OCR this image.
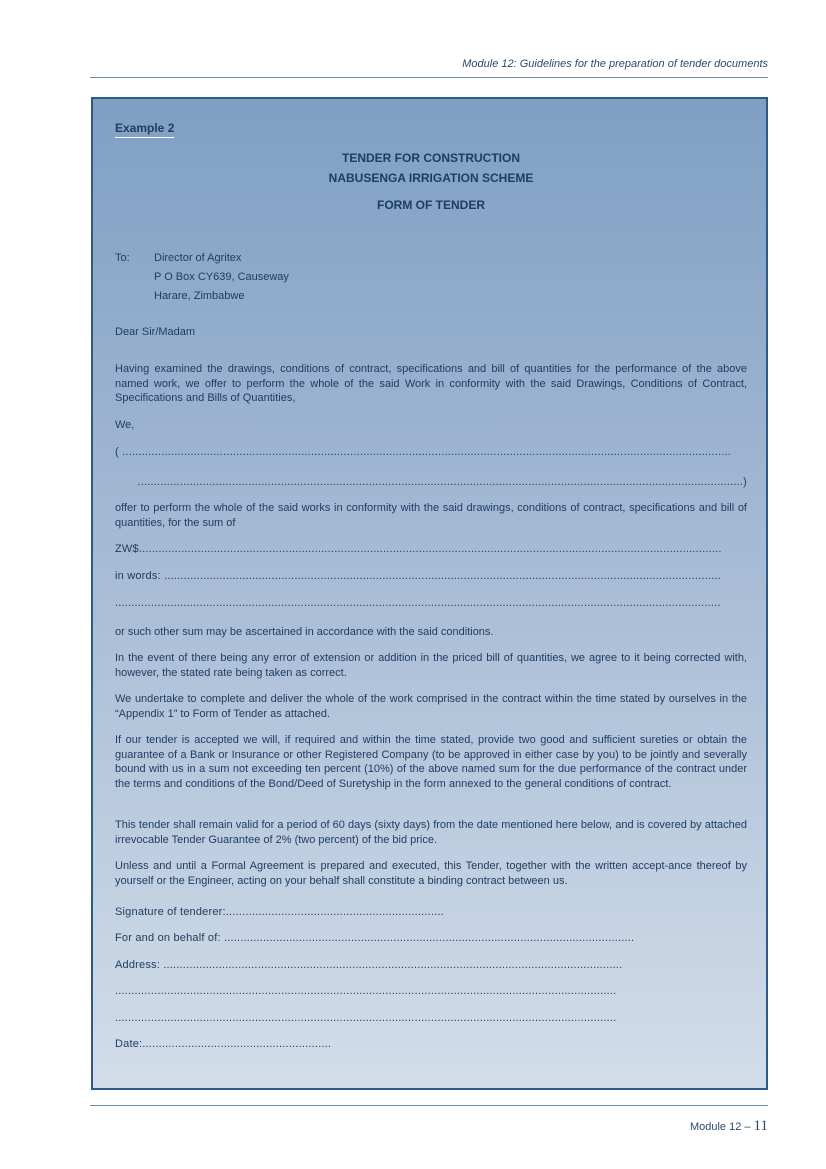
Module 12: Guidelines for the preparation of tender documents
Example 2
TENDER FOR CONSTRUCTION
NABUSENGA IRRIGATION SCHEME
FORM OF TENDER
To: Director of Agritex
P O Box CY639, Causeway
Harare, Zimbabwe
Dear Sir/Madam
Having examined the drawings, conditions of contract, specifications and bill of quantities for the performance of the above named work, we offer to perform the whole of the said Work in conformity with the said Drawings, Conditions of Contract, Specifications and Bills of Quantities,
We,
( ...........................................................................................................................................................................................
..........................................................................................................................................................................................)
offer to perform the whole of the said works in conformity with the said drawings, conditions of contract, specifications and bill of quantities, for the sum of
ZW$...................................................................................................................................................................................
in words: ...........................................................................................................................................................................
..........................................................................................................................................................................................
or such other sum may be ascertained in accordance with the said conditions.
In the event of there being any error of extension or addition in the priced bill of quantities, we agree to it being corrected with, however, the stated rate being taken as correct.
We undertake to complete and deliver the whole of the work comprised in the contract within the time stated by ourselves in the “Appendix 1” to Form of Tender as attached.
If our tender is accepted we will, if required and within the time stated, provide two good and sufficient sureties or obtain the guarantee of a Bank or Insurance or other Registered Company (to be approved in either case by you) to be jointly and severally bound with us in a sum not exceeding ten percent (10%) of the above named sum for the due performance of the contract under the terms and conditions of the Bond/Deed of Suretyship in the form annexed to the general conditions of contract.
This tender shall remain valid for a period of 60 days (sixty days) from the date mentioned here below, and is covered by attached irrevocable Tender Guarantee of 2% (two percent) of the bid price.
Unless and until a Formal Agreement is prepared and executed, this Tender, together with the written accept-ance thereof by yourself or the Engineer, acting on your behalf shall constitute a binding contract between us.
Signature of tenderer:...................................................................
For and on behalf of: ..............................................................................................................................
Address: .............................................................................................................................................
..........................................................................................................................................................
..........................................................................................................................................................
Date:..........................................................
Module 12 – 11
